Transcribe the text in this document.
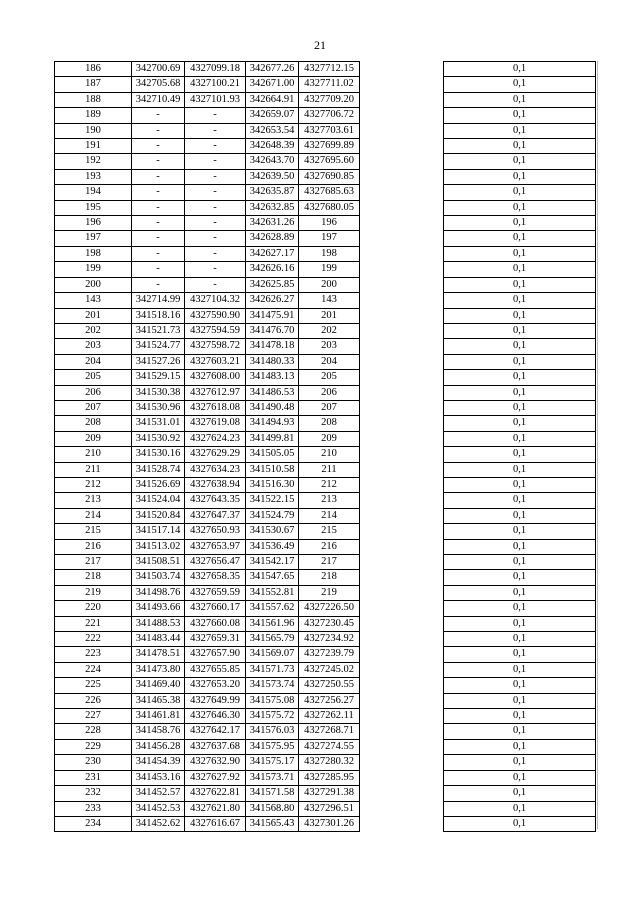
21
186	342700.69	4327099.18	342677.26	4327712.15		0,1
187	342705.68	4327100.21	342671.00	4327711.02		0,1
188	342710.49	4327101.93	342664.91	4327709.20		0,1
189	-	-	342659.07	4327706.72		0,1
190	-	-	342653.54	4327703.61		0,1
191	-	-	342648.39	4327699.89		0,1
192	-	-	342643.70	4327695.60		0,1
193	-	-	342639.50	4327690.85		0,1
194	-	-	342635.87	4327685.63		0,1
195	-	-	342632.85	4327680.05		0,1
196	-	-	342631.26	196		0,1
197	-	-	342628.89	197		0,1
198	-	-	342627.17	198		0,1
199	-	-	342626.16	199		0,1
200	-	-	342625.85	200		0,1
143	342714.99	4327104.32	342626.27	143		0,1
201	341518.16	4327590.90	341475.91	201		0,1
202	341521.73	4327594.59	341476.70	202		0,1
203	341524.77	4327598.72	341478.18	203		0,1
204	341527.26	4327603.21	341480.33	204		0,1
205	341529.15	4327608.00	341483.13	205		0,1
206	341530.38	4327612.97	341486.53	206		0,1
207	341530.96	4327618.08	341490.48	207		0,1
208	341531.01	4327619.08	341494.93	208		0,1
209	341530.92	4327624.23	341499.81	209		0,1
210	341530.16	4327629.29	341505.05	210		0,1
211	341528.74	4327634.23	341510.58	211		0,1
212	341526.69	4327638.94	341516.30	212		0,1
213	341524.04	4327643.35	341522.15	213		0,1
214	341520.84	4327647.37	341524.79	214		0,1
215	341517.14	4327650.93	341530.67	215		0,1
216	341513.02	4327653.97	341536.49	216		0,1
217	341508.51	4327656.47	341542.17	217		0,1
218	341503.74	4327658.35	341547.65	218		0,1
219	341498.76	4327659.59	341552.81	219		0,1
220	341493.66	4327660.17	341557.62	4327226.50		0,1
221	341488.53	4327660.08	341561.96	4327230.45		0,1
222	341483.44	4327659.31	341565.79	4327234.92		0,1
223	341478.51	4327657.90	341569.07	4327239.79		0,1
224	341473.80	4327655.85	341571.73	4327245.02		0,1
225	341469.40	4327653.20	341573.74	4327250.55		0,1
226	341465.38	4327649.99	341575.08	4327256.27		0,1
227	341461.81	4327646.30	341575.72	4327262.11		0,1
228	341458.76	4327642.17	341576.03	4327268.71		0,1
229	341456.28	4327637.68	341575.95	4327274.55		0,1
230	341454.39	4327632.90	341575.17	4327280.32		0,1
231	341453.16	4327627.92	341573.71	4327285.95		0,1
232	341452.57	4327622.81	341571.58	4327291.38		0,1
233	341452.53	4327621.80	341568.80	4327296.51		0,1
234	341452.62	4327616.67	341565.43	4327301.26		0,1
